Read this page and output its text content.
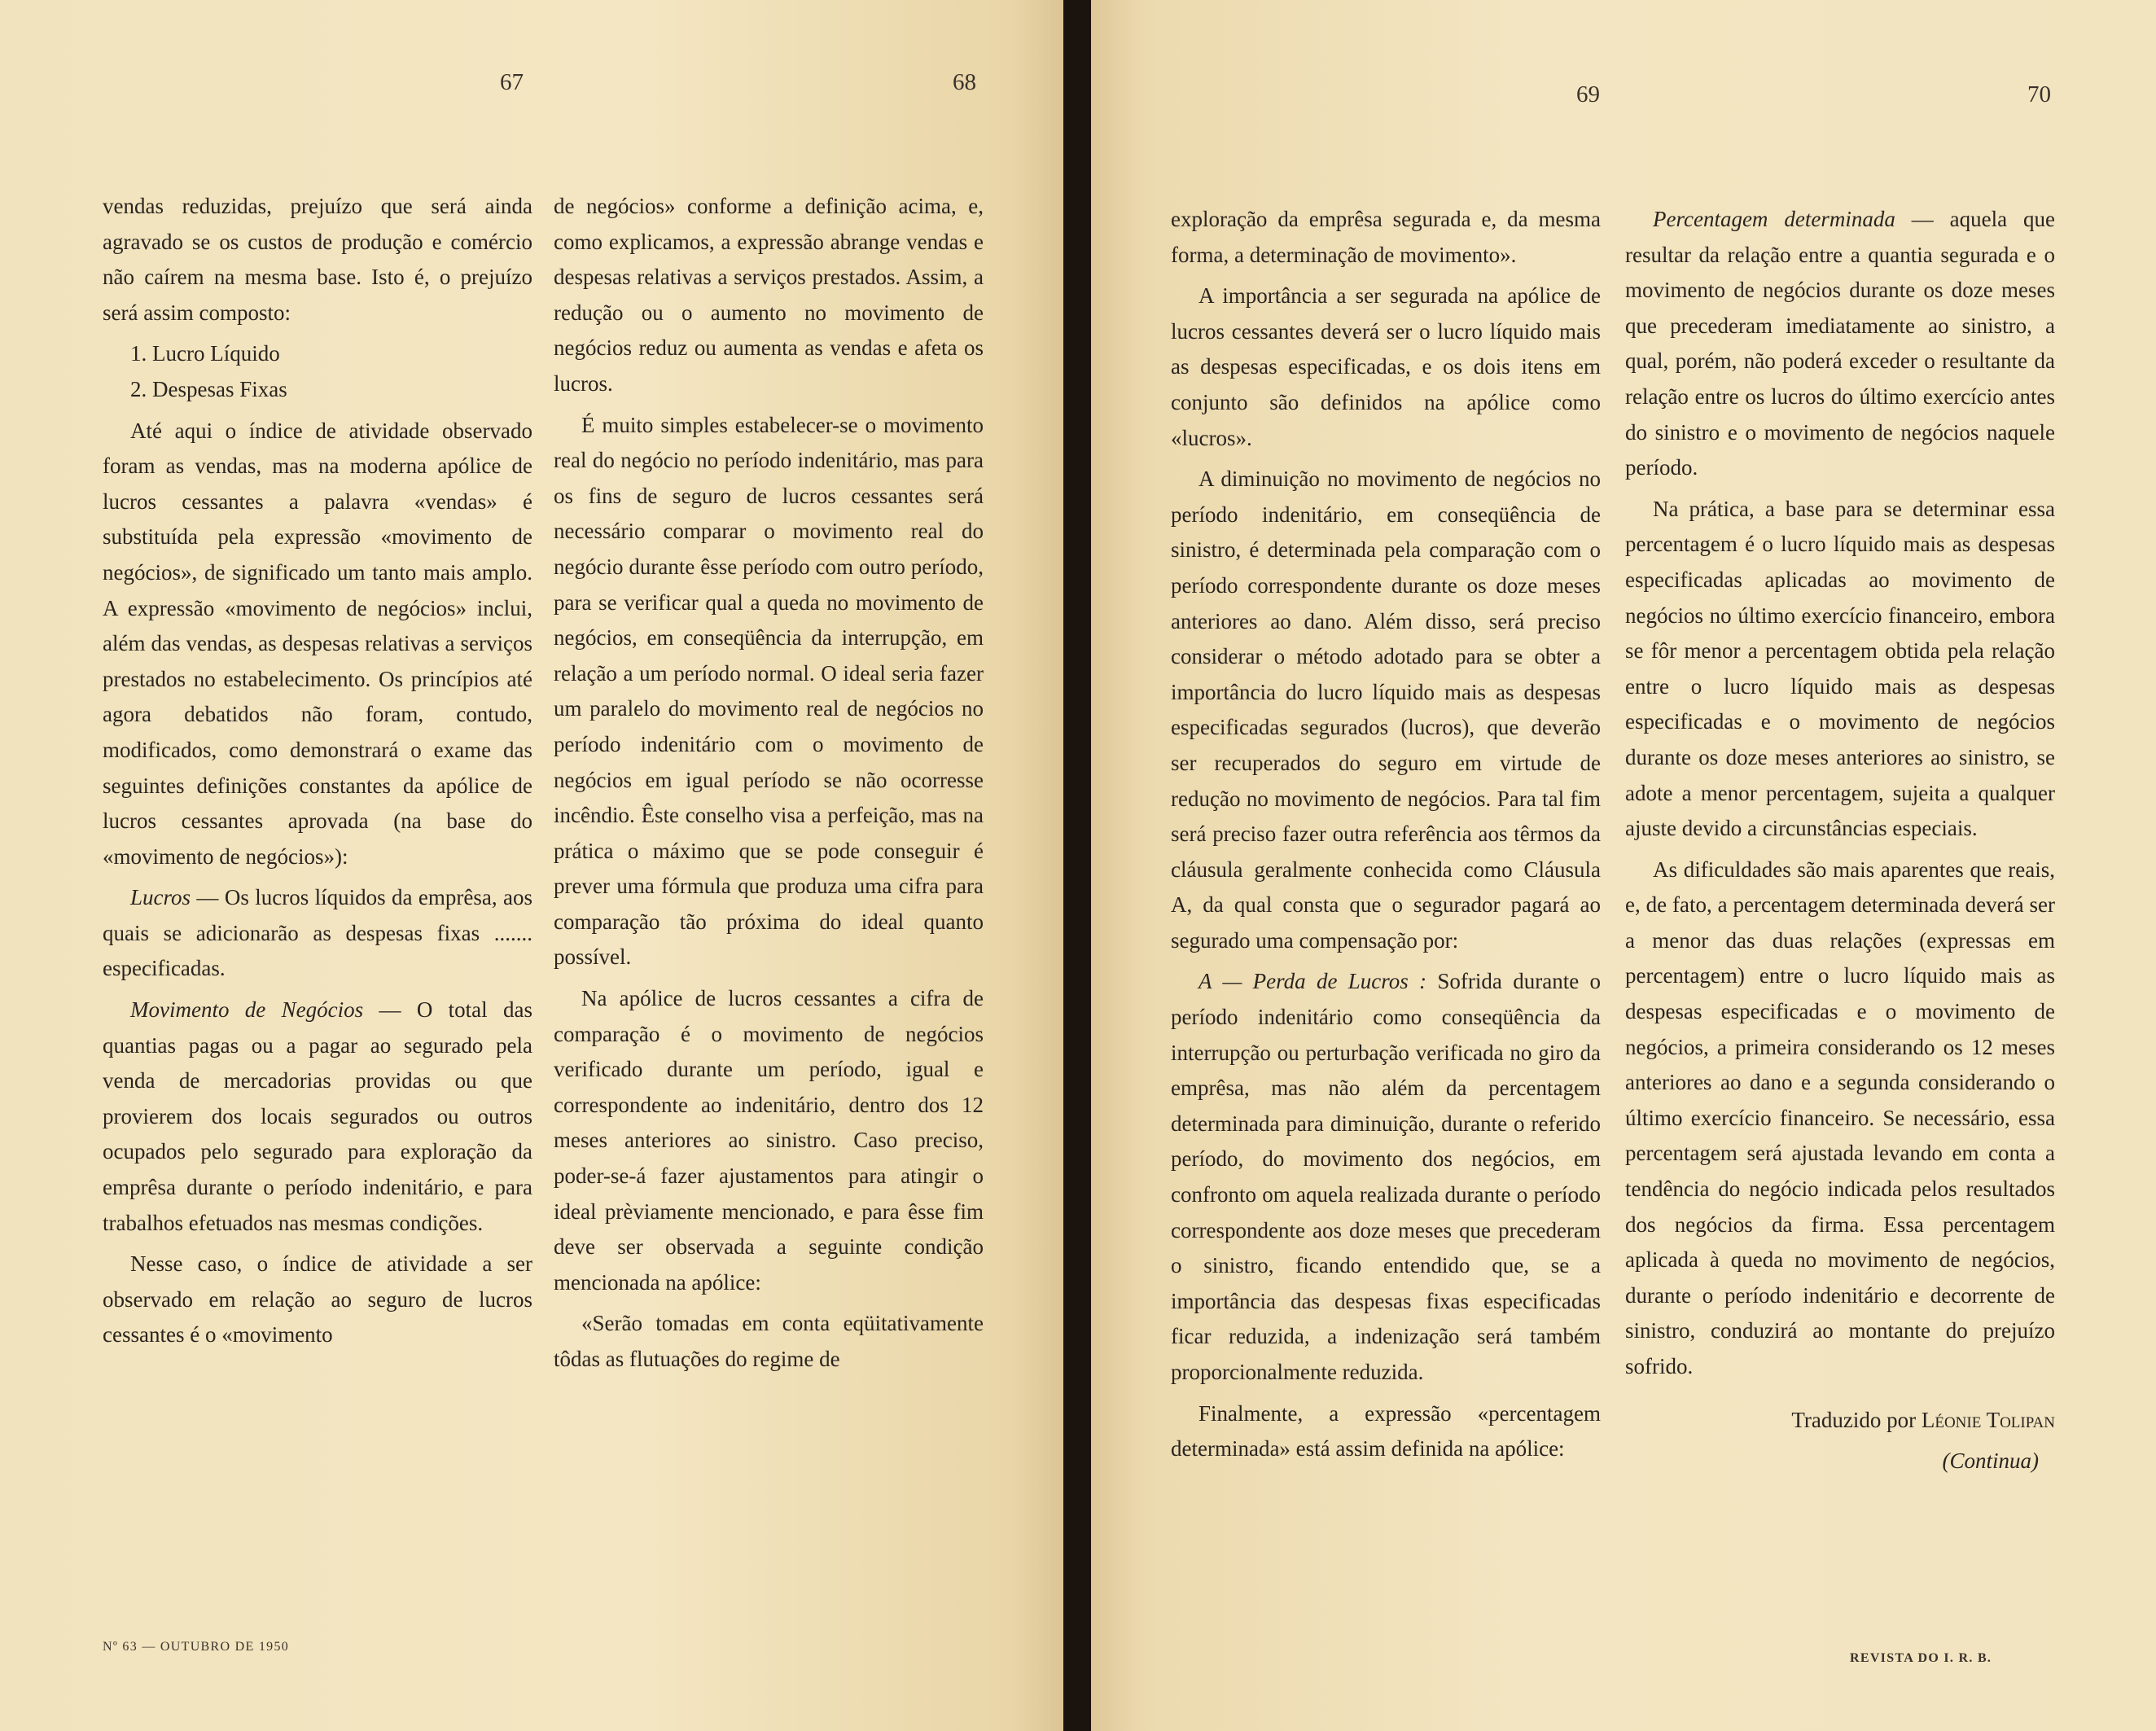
67	68	69	70

vendas reduzidas, prejuízo que será ainda agravado se os custos de produção e comércio não caírem na mesma base. Isto é, o prejuízo será assim composto:

1. Lucro Líquido

2. Despesas Fixas

Até aqui o índice de atividade observado foram as vendas, mas na moderna apólice de lucros cessantes a palavra «vendas» é substituída pela expressão «movimento de negócios», de significado um tanto mais amplo. A expressão «movimento de negócios» inclui, além das vendas, as despesas relativas a serviços prestados no estabelecimento. Os princípios até agora debatidos não foram, contudo, modificados, como demonstrará o exame das seguintes definições constantes da apólice de lucros cessantes aprovada (na base do «movimento de negócios»):

Lucros — Os lucros líquidos da emprêsa, aos quais se adicionarão as despesas fixas ....... especificadas.

Movimento de Negócios — O total das quantias pagas ou a pagar ao segurado pela venda de mercadorias providas ou que provierem dos locais segurados ou outros ocupados pelo segurado para exploração da emprêsa durante o período indenitário, e para trabalhos efetuados nas mesmas condições.

Nesse caso, o índice de atividade a ser observado em relação ao seguro de lucros cessantes é o «movimento

de negócios» conforme a definição acima, e, como explicamos, a expressão abrange vendas e despesas relativas a serviços prestados. Assim, a redução ou o aumento no movimento de negócios reduz ou aumenta as vendas e afeta os lucros.

É muito simples estabelecer-se o movimento real do negócio no período indenitário, mas para os fins de seguro de lucros cessantes será necessário comparar o movimento real do negócio durante êsse período com outro período, para se verificar qual a queda no movimento de negócios, em conseqüência da interrupção, em relação a um período normal. O ideal seria fazer um paralelo do movimento real de negócios no período indenitário com o movimento de negócios em igual período se não ocorresse incêndio. Êste conselho visa a perfeição, mas na prática o máximo que se pode conseguir é prever uma fórmula que produza uma cifra para comparação tão próxima do ideal quanto possível.

Na apólice de lucros cessantes a cifra de comparação é o movimento de negócios verificado durante um período, igual e correspondente ao indenitário, dentro dos 12 meses anteriores ao sinistro. Caso preciso, poder-se-á fazer ajustamentos para atingir o ideal prèviamente mencionado, e para êsse fim deve ser observada a seguinte condição mencionada na apólice:

«Serão tomadas em conta eqüitativamente tôdas as flutuações do regime de

exploração da emprêsa segurada e, da mesma forma, a determinação de movimento».

A importância a ser segurada na apólice de lucros cessantes deverá ser o lucro líquido mais as despesas especificadas, e os dois itens em conjunto são definidos na apólice como «lucros».

A diminuição no movimento de negócios no período indenitário, em conseqüência de sinistro, é determinada pela comparação com o período correspondente durante os doze meses anteriores ao dano. Além disso, será preciso considerar o método adotado para se obter a importância do lucro líquido mais as despesas especificadas segurados (lucros), que deverão ser recuperados do seguro em virtude de redução no movimento de negócios. Para tal fim será preciso fazer outra referência aos têrmos da cláusula geralmente conhecida como Cláusula A, da qual consta que o segurador pagará ao segurado uma compensação por:

A — Perda de Lucros : Sofrida durante o período indenitário como conseqüência da interrupção ou perturbação verificada no giro da emprêsa, mas não além da percentagem determinada para diminuição, durante o referido período, do movimento dos negócios, em confronto om aquela realizada durante o período correspondente aos doze meses que precederam o sinistro, ficando entendido que, se a importância das despesas fixas especificadas ficar reduzida, a indenização será também proporcionalmente reduzida.

Finalmente, a expressão «percentagem determinada» está assim definida na apólice:

Percentagem determinada — aquela que resultar da relação entre a quantia segurada e o movimento de negócios durante os doze meses que precederam imediatamente ao sinistro, a qual, porém, não poderá exceder o resultante da relação entre os lucros do último exercício antes do sinistro e o movimento de negócios naquele período.

Na prática, a base para se determinar essa percentagem é o lucro líquido mais as despesas especificadas aplicadas ao movimento de negócios no último exercício financeiro, embora se fôr menor a percentagem obtida pela relação entre o lucro líquido mais as despesas especificadas e o movimento de negócios durante os doze meses anteriores ao sinistro, se adote a menor percentagem, sujeita a qualquer ajuste devido a circunstâncias especiais.

As dificuldades são mais aparentes que reais, e, de fato, a percentagem determinada deverá ser a menor das duas relações (expressas em percentagem) entre o lucro líquido mais as despesas especificadas e o movimento de negócios, a primeira considerando os 12 meses anteriores ao dano e a segunda considerando o último exercício financeiro. Se necessário, essa percentagem será ajustada levando em conta a tendência do negócio indicada pelos resultados dos negócios da firma. Essa percentagem aplicada à queda no movimento de negócios, durante o período indenitário e decorrente de sinistro, conduzirá ao montante do prejuízo sofrido.

Traduzido por Léonie Tolipan

(Continua)

Nº 63 — OUTUBRO DE 1950
REVISTA DO I. R. B.
